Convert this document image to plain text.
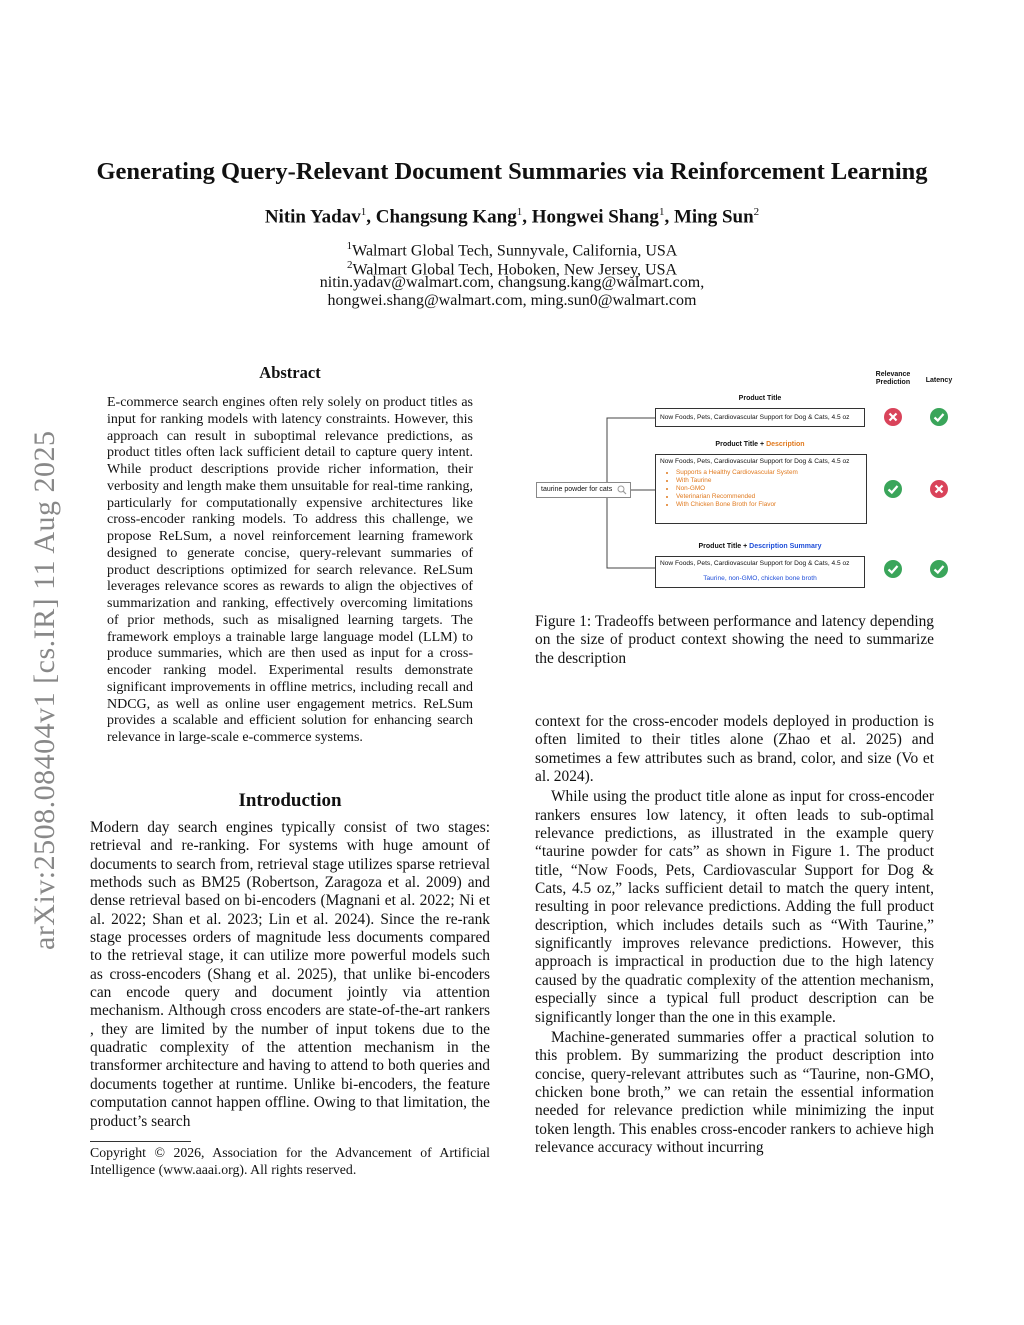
arXiv:2508.08404v1 [cs.IR] 11 Aug 2025
Generating Query-Relevant Document Summaries via Reinforcement Learning
Nitin Yadav$^1$, Changsung Kang$^1$, Hongwei Shang$^1$, Ming Sun$^2$
$^1$Walmart Global Tech, Sunnyvale, California, USA
$^2$Walmart Global Tech, Hoboken, New Jersey, USA
nitin.yadav@walmart.com, changsung.kang@walmart.com,
hongwei.shang@walmart.com, ming.sun0@walmart.com
Abstract
E-commerce search engines often rely solely on product titles as input for ranking models with latency constraints. However, this approach can result in suboptimal relevance predictions, as product titles often lack sufficient detail to capture query intent. While product descriptions provide richer information, their verbosity and length make them unsuitable for real-time ranking, particularly for computationally expensive architectures like cross-encoder ranking models. To address this challenge, we propose ReLSum, a novel reinforcement learning framework designed to generate concise, query-relevant summaries of product descriptions optimized for search relevance. ReLSum leverages relevance scores as rewards to align the objectives of summarization and ranking, effectively overcoming limitations of prior methods, such as misaligned learning targets. The framework employs a trainable large language model (LLM) to produce summaries, which are then used as input for a cross-encoder ranking model. Experimental results demonstrate significant improvements in offline metrics, including recall and NDCG, as well as online user engagement metrics. ReLSum provides a scalable and efficient solution for enhancing search relevance in large-scale e-commerce systems.
Introduction

Modern day search engines typically consist of two stages: retrieval and re-ranking. For systems with huge amount of documents to search from, retrieval stage utilizes sparse retrieval methods such as BM25 (Robertson, Zaragoza et al. 2009) and dense retrieval based on bi-encoders (Magnani et al. 2022; Ni et al. 2022; Shan et al. 2023; Lin et al. 2024). Since the re-rank stage processes orders of magnitude less documents compared to the retrieval stage, it can utilize more powerful models such as cross-encoders (Shang et al. 2025), that unlike bi-encoders can encode query and document jointly via attention mechanism. Although cross encoders are state-of-the-art rankers , they are limited by the number of input tokens due to the quadratic complexity of the attention mechanism in the transformer architecture and having to attend to both queries and documents together at runtime. Unlike bi-encoders, the feature computation cannot happen offline. Owing to that limitation, the product’s search

Copyright © 2026, Association for the Advancement of Artificial Intelligence (www.aaai.org). All rights reserved.
taurine powder for cats
Relevance
Prediction	Latency
Product Title
Now Foods, Pets, Cardiovascular Support for Dog & Cats, 4.5 oz
Product Title + Description
Now Foods, Pets, Cardiovascular Support for Dog & Cats, 4.5 oz
• Supports a Healthy Cardiovascular System
• With Taurine
• Non-GMO
• Veterinarian Recommended
• With Chicken Bone Broth for Flavor
Product Title + Description Summary
Now Foods, Pets, Cardiovascular Support for Dog & Cats, 4.5 oz
Taurine, non-GMO, chicken bone broth
Figure 1: Tradeoffs between performance and latency depending on the size of product context showing the need to summarize the description

context for the cross-encoder models deployed in production is often limited to their titles alone (Zhao et al. 2025) and sometimes a few attributes such as brand, color, and size (Vo et al. 2024).

While using the product title alone as input for cross-encoder rankers ensures low latency, it often leads to sub-optimal relevance predictions, as illustrated in the example query “taurine powder for cats” as shown in Figure 1. The product title, “Now Foods, Pets, Cardiovascular Support for Dog & Cats, 4.5 oz,” lacks sufficient detail to match the query intent, resulting in poor relevance predictions. Adding the full product description, which includes details such as “With Taurine,” significantly improves relevance predictions. However, this approach is impractical in production due to the high latency caused by the quadratic complexity of the attention mechanism, especially since a typical full product description can be significantly longer than the one in this example.

Machine-generated summaries offer a practical solution to this problem. By summarizing the product description into concise, query-relevant attributes such as “Taurine, non-GMO, chicken bone broth,” we can retain the essential information needed for relevance prediction while minimizing the input token length. This enables cross-encoder rankers to achieve high relevance accuracy without incurring
